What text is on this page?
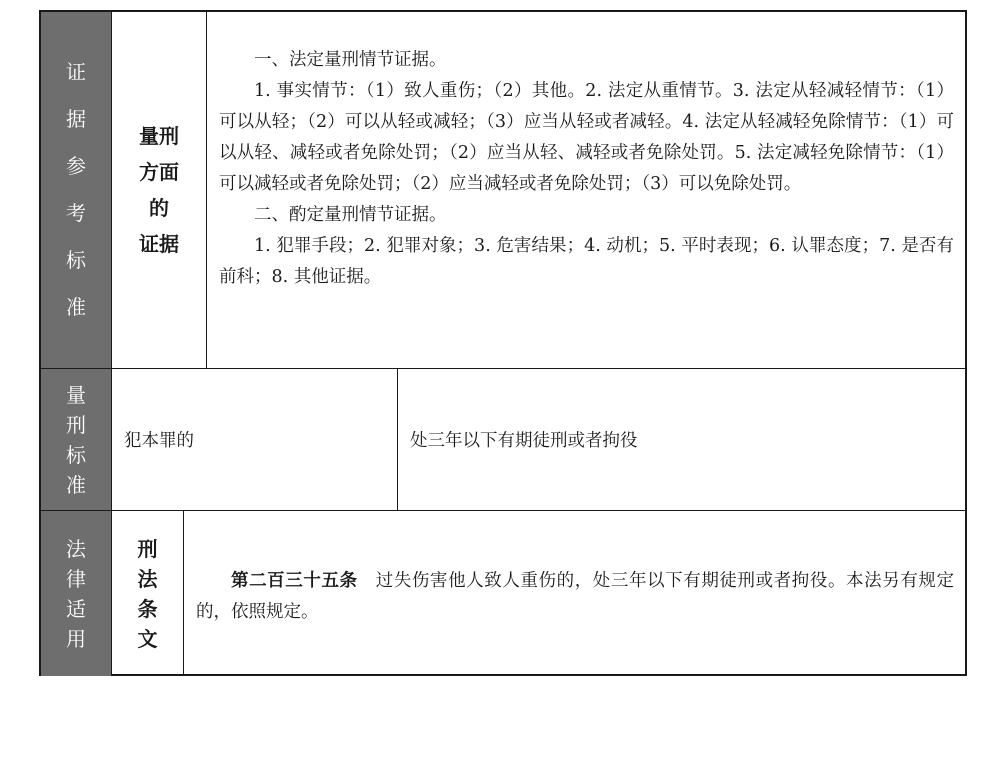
证
据
参
考
标
准
量刑
方面
的
证据

一、法定量刑情节证据。

1. 事实情节：（1）致人重伤；（2）其他。2. 法定从重情节。3. 法定从轻减轻情节：（1）可以从轻；（2）可以从轻或减轻；（3）应当从轻或者减轻。4. 法定从轻减轻免除情节：（1）可以从轻、减轻或者免除处罚；（2）应当从轻、减轻或者免除处罚。5. 法定减轻免除情节：（1）可以减轻或者免除处罚；（2）应当减轻或者免除处罚；（3）可以免除处罚。

二、酌定量刑情节证据。

1. 犯罪手段；2. 犯罪对象；3. 危害结果；4. 动机；5. 平时表现；6. 认罪态度；7. 是否有前科；8. 其他证据。

量
刑
标
准
犯本罪的	处三年以下有期徒刑或者拘役
法
律
适
用
刑
法
条
文

第二百三十五条　过失伤害他人致人重伤的，处三年以下有期徒刑或者拘役。本法另有规定的，依照规定。
